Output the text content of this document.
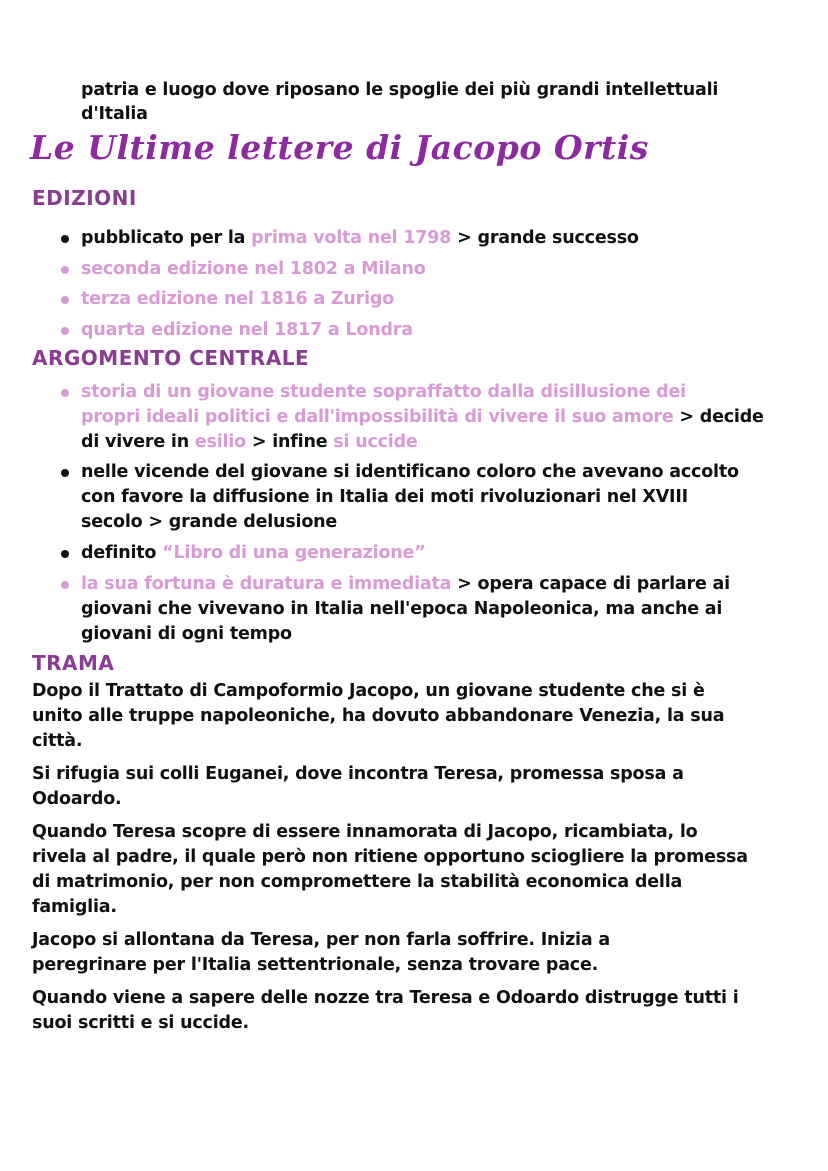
patria e luogo dove riposano le spoglie dei più grandi intellettuali
d'Italia
Le Ultime lettere di Jacopo Ortis
EDIZIONI
pubblicato per la prima volta nel 1798 > grande successo
seconda edizione nel 1802 a Milano
terza edizione nel 1816 a Zurigo
quarta edizione nel 1817 a Londra
ARGOMENTO CENTRALE
storia di un giovane studente sopraffatto dalla disillusione dei
propri ideali politici e dall'impossibilità di vivere il suo amore > decide
di vivere in esilio > infine si uccide
nelle vicende del giovane si identificano coloro che avevano accolto
con favore la diffusione in Italia dei moti rivoluzionari nel XVIII
secolo > grande delusione
definito “Libro di una generazione”
la sua fortuna è duratura e immediata > opera capace di parlare ai
giovani che vivevano in Italia nell'epoca Napoleonica, ma anche ai
giovani di ogni tempo
TRAMA
Dopo il Trattato di Campoformio Jacopo, un giovane studente che si è
unito alle truppe napoleoniche, ha dovuto abbandonare Venezia, la sua
città.
Si rifugia sui colli Euganei, dove incontra Teresa, promessa sposa a
Odoardo.
Quando Teresa scopre di essere innamorata di Jacopo, ricambiata, lo
rivela al padre, il quale però non ritiene opportuno sciogliere la promessa
di matrimonio, per non compromettere la stabilità economica della
famiglia.
Jacopo si allontana da Teresa, per non farla soffrire. Inizia a
peregrinare per l'Italia settentrionale, senza trovare pace.
Quando viene a sapere delle nozze tra Teresa e Odoardo distrugge tutti i
suoi scritti e si uccide.
